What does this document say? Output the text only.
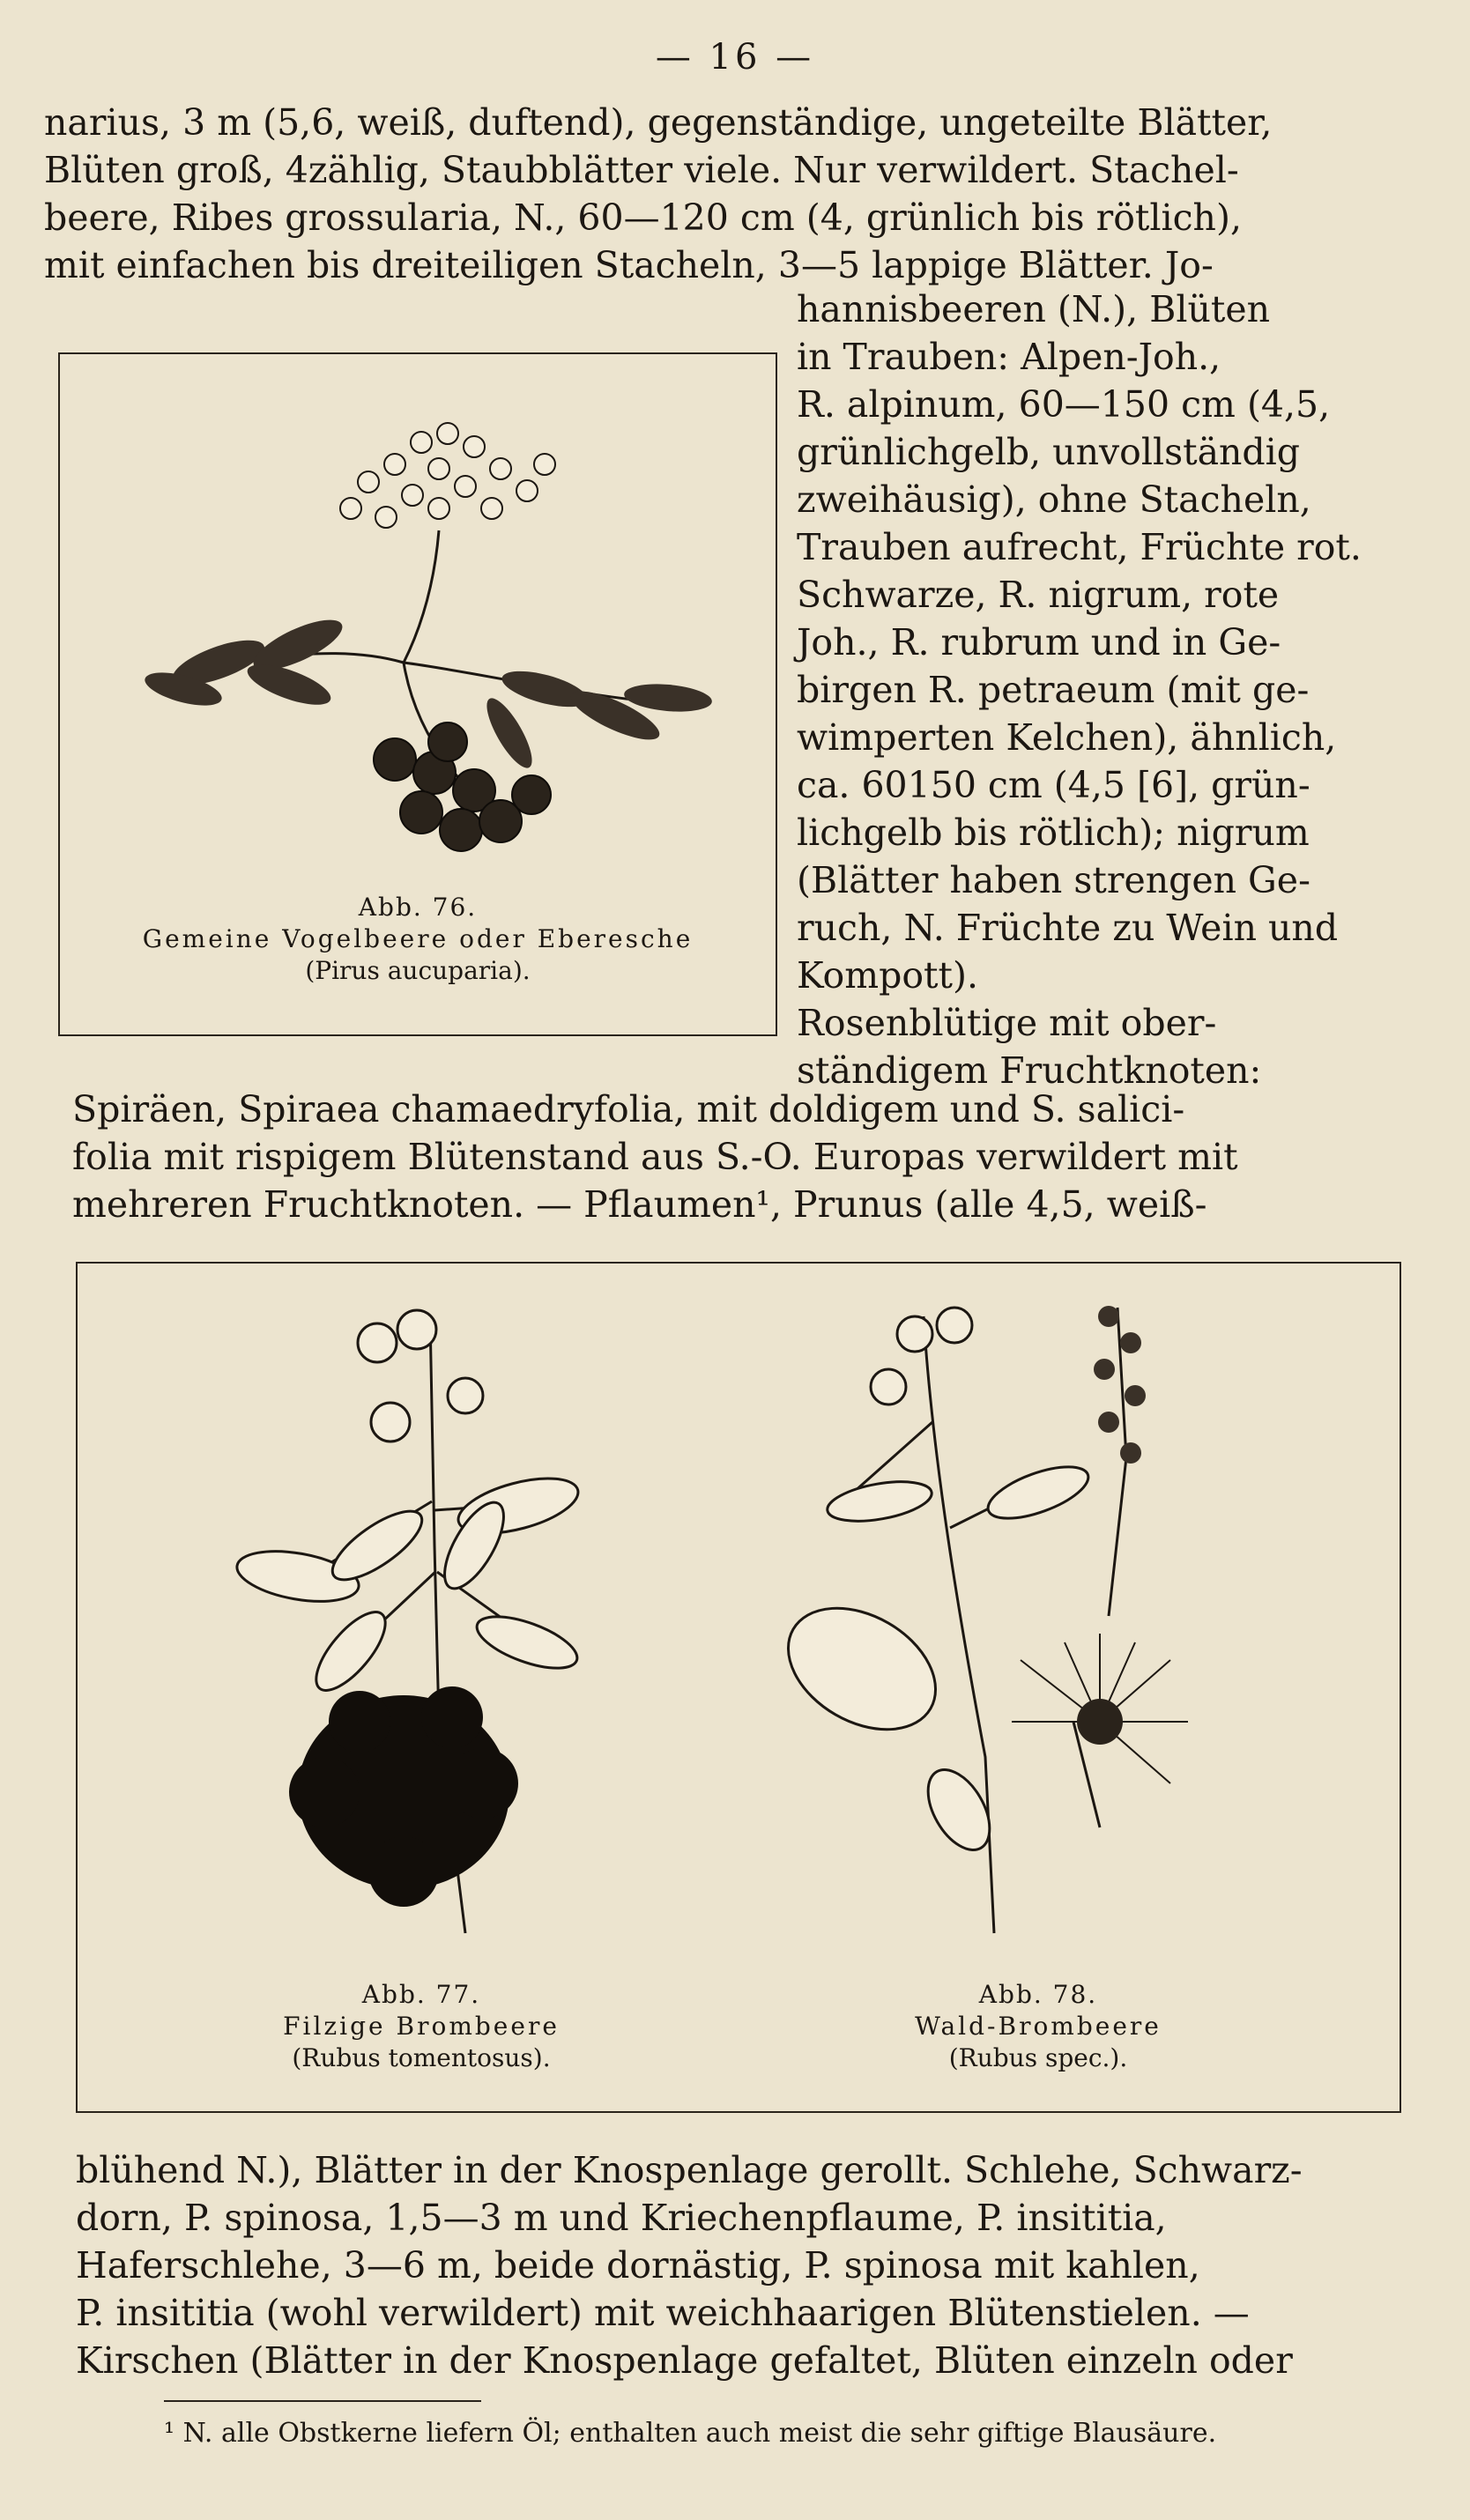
— 16 —

narius, 3 m (5,6, weiß, duftend), gegenständige, ungeteilte Blätter,

Blüten groß, 4zählig, Staubblätter viele. Nur verwildert. Stachel-

beere, Ribes grossularia, N., 60—120 cm (4, grünlich bis rötlich),

mit einfachen bis dreiteiligen Stacheln, 3—5 lappige Blätter. Jo-

Abb. 76.
Gemeine Vogelbeere oder Eberesche
(Pirus aucuparia).

hannisbeeren (N.), Blüten

in Trauben: Alpen-Joh.,

R. alpinum, 60—150 cm (4,5,

grünlichgelb, unvollständig

zweihäusig), ohne Stacheln,

Trauben aufrecht, Früchte rot.

Schwarze, R. nigrum, rote

Joh., R. rubrum und in Ge-

birgen R. petraeum (mit ge-

wimperten Kelchen), ähnlich,

ca. 60150 cm (4,5 [6], grün-

lichgelb bis rötlich); nigrum

(Blätter haben strengen Ge-

ruch, N. Früchte zu Wein und

Kompott).

Rosenblütige mit ober-

ständigem Fruchtknoten:

Spiräen, Spiraea chamaedryfolia, mit doldigem und S. salici-

folia mit rispigem Blütenstand aus S.-O. Europas verwildert mit

mehreren Fruchtknoten. — Pflaumen¹, Prunus (alle 4,5, weiß-

Abb. 77.
Filzige Brombeere
(Rubus tomentosus).
Abb. 78.
Wald-Brombeere
(Rubus spec.).

blühend N.), Blätter in der Knospenlage gerollt. Schlehe, Schwarz-

dorn, P. spinosa, 1,5—3 m und Kriechenpflaume, P. insititia,

Haferschlehe, 3—6 m, beide dornästig, P. spinosa mit kahlen,

P. insititia (wohl verwildert) mit weichhaarigen Blütenstielen. —

Kirschen (Blätter in der Knospenlage gefaltet, Blüten einzeln oder

¹ N. alle Obstkerne liefern Öl; enthalten auch meist die sehr giftige Blausäure.
